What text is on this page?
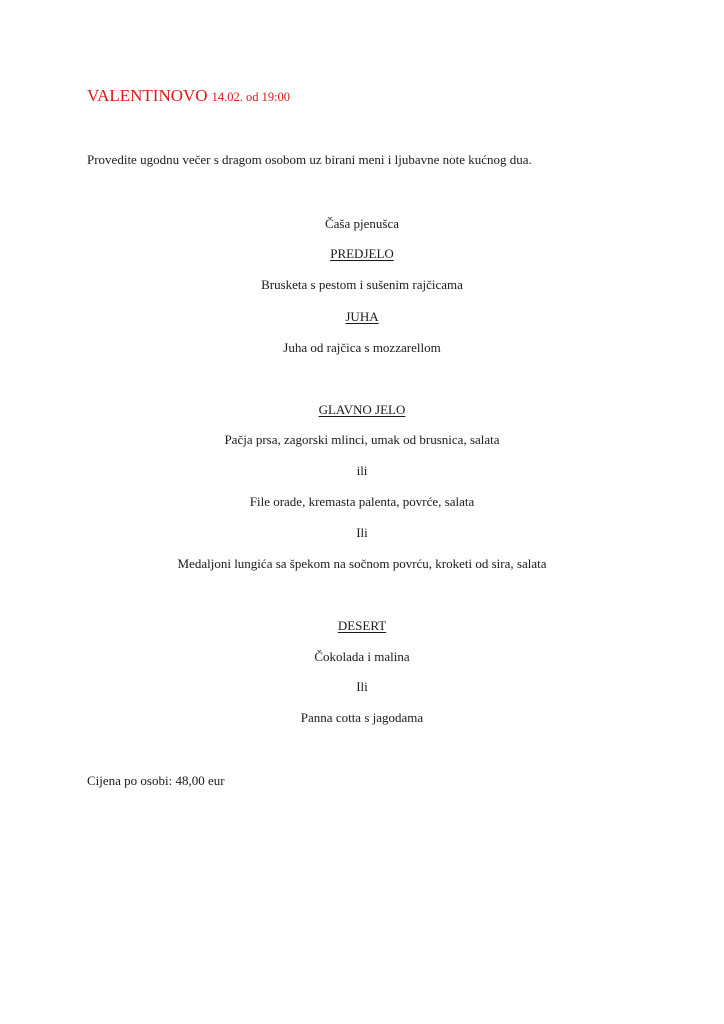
VALENTINOVO 14.02. od 19:00
Provedite ugodnu večer s dragom osobom uz birani meni i ljubavne note kućnog dua.
Čaša pjenušca
PREDJELO
Brusketa s pestom i sušenim rajčicama
JUHA
Juha od rajčica s mozzarellom
GLAVNO JELO
Pačja prsa, zagorski mlinci, umak od brusnica, salata
ili
File orade, kremasta palenta, povrće, salata
Ili
Medaljoni lungića sa špekom na sočnom povrću, kroketi od sira, salata
DESERT
Čokolada i malina
Ili
Panna cotta s jagodama
Cijena po osobi: 48,00 eur
